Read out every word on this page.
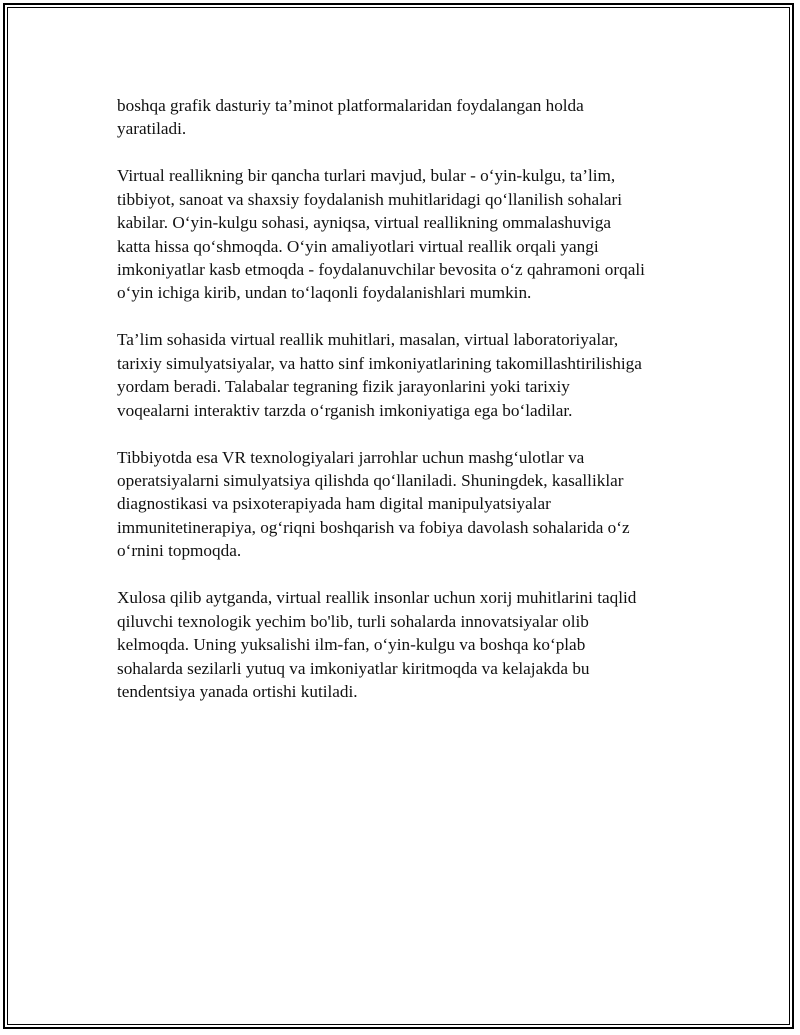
boshqa grafik dasturiy ta’minot platformalaridan foydalangan holda
yaratiladi.

Virtual reallikning bir qancha turlari mavjud, bular - o‘yin-kulgu, ta’lim,
tibbiyot, sanoat va shaxsiy foydalanish muhitlaridagi qo‘llanilish sohalari
kabilar. O‘yin-kulgu sohasi, ayniqsa, virtual reallikning ommalashuviga
katta hissa qo‘shmoqda. O‘yin amaliyotlari virtual reallik orqali yangi
imkoniyatlar kasb etmoqda - foydalanuvchilar bevosita o‘z qahramoni orqali
o‘yin ichiga kirib, undan to‘laqonli foydalanishlari mumkin.

Ta’lim sohasida virtual reallik muhitlari, masalan, virtual laboratoriyalar,
tarixiy simulyatsiyalar, va hatto sinf imkoniyatlarining takomillashtirilishiga
yordam beradi. Talabalar tegraning fizik jarayonlarini yoki tarixiy
voqealarni interaktiv tarzda o‘rganish imkoniyatiga ega bo‘ladilar.

Tibbiyotda esa VR texnologiyalari jarrohlar uchun mashg‘ulotlar va
operatsiyalarni simulyatsiya qilishda qo‘llaniladi. Shuningdek, kasalliklar
diagnostikasi va psixoterapiyada ham digital manipulyatsiyalar
immunitetinerapiya, og‘riqni boshqarish va fobiya davolash sohalarida o‘z
o‘rnini topmoqda.

Xulosa qilib aytganda, virtual reallik insonlar uchun xorij muhitlarini taqlid
qiluvchi texnologik yechim bo'lib, turli sohalarda innovatsiyalar olib
kelmoqda. Uning yuksalishi ilm-fan, o‘yin-kulgu va boshqa ko‘plab
sohalarda sezilarli yutuq va imkoniyatlar kiritmoqda va kelajakda bu
tendentsiya yanada ortishi kutiladi.
